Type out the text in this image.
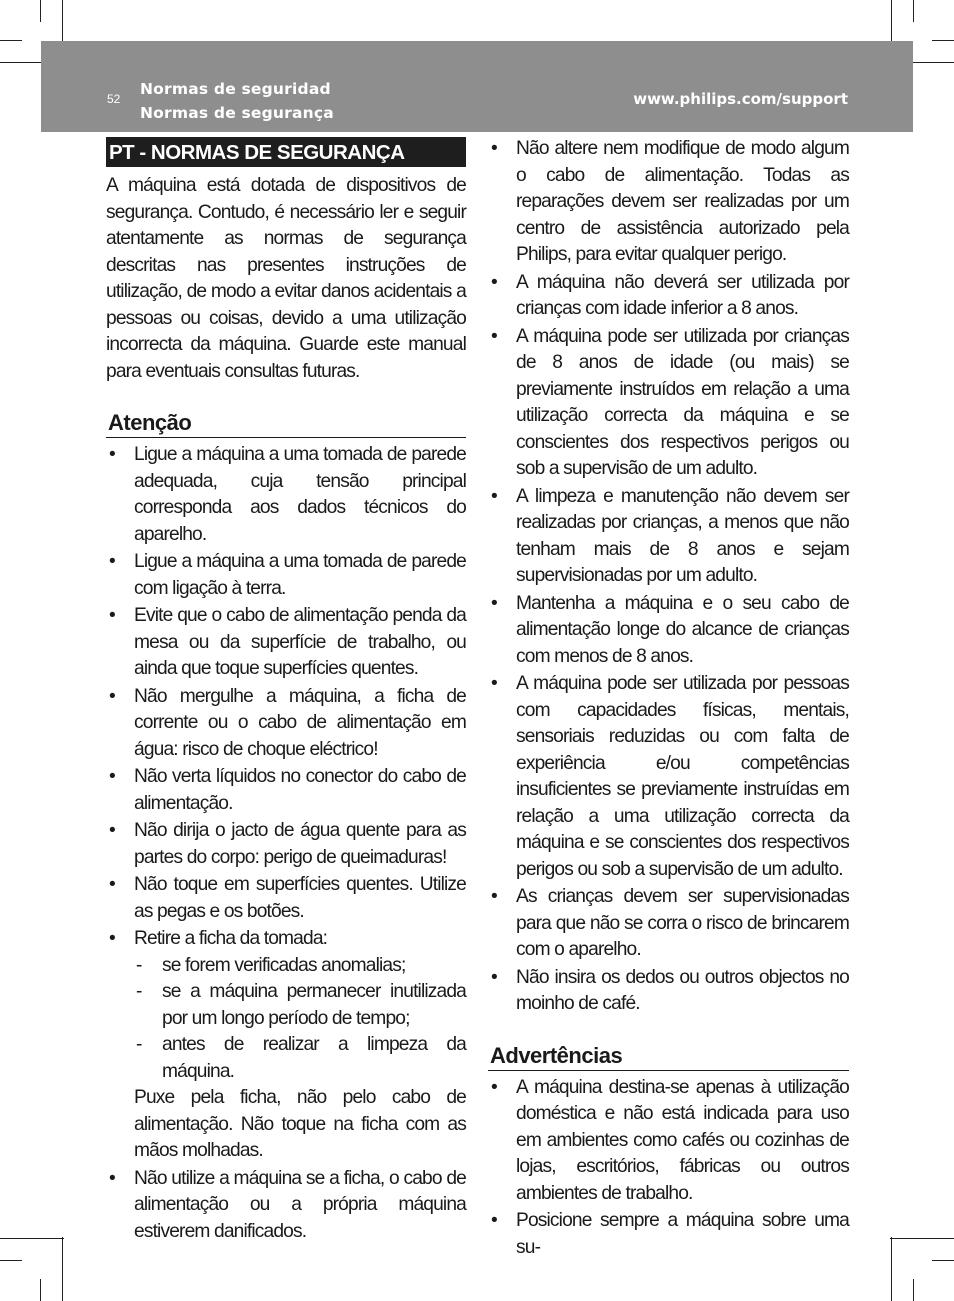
52
Normas de seguridad
Normas de segurança
www.philips.com/support
PT - NORMAS DE SEGURANÇA

A máquina está dotada de dispositivos de segurança. Contudo, é necessário ler e seguir atentamente as normas de segurança descritas nas presentes instruções de utilização, de modo a evitar danos acidentais a pessoas ou coisas, devido a uma utilização incorrecta da máquina. Guarde este manual para eventuais consultas futuras.

Atenção
• Ligue a máquina a uma tomada de parede adequada, cuja tensão principal corresponda aos dados técnicos do aparelho.
• Ligue a máquina a uma tomada de parede com ligação à terra.
• Evite que o cabo de alimentação penda da mesa ou da superfície de trabalho, ou ainda que toque superfícies quentes.
• Não mergulhe a máquina, a ficha de corrente ou o cabo de alimentação em água: risco de choque eléctrico!
• Não verta líquidos no conector do cabo de alimentação.
• Não dirija o jacto de água quente para as partes do corpo: perigo de queimaduras!
• Não toque em superfícies quentes. Utilize as pegas e os botões.
• Retire a ficha da tomada:
- se forem verificadas anomalias;
- se a máquina permanecer inutilizada por um longo período de tempo;
- antes de realizar a limpeza da máquina.
Puxe pela ficha, não pelo cabo de alimentação. Não toque na ficha com as mãos molhadas.
• Não utilize a máquina se a ficha, o cabo de alimentação ou a própria máquina estiverem danificados.
• Não altere nem modifique de modo algum o cabo de alimentação. Todas as reparações devem ser realizadas por um centro de assistência autorizado pela Philips, para evitar qualquer perigo.
• A máquina não deverá ser utilizada por crianças com idade inferior a 8 anos.
• A máquina pode ser utilizada por crianças de 8 anos de idade (ou mais) se previamente instruídos em relação a uma utilização correcta da máquina e se conscientes dos respectivos perigos ou sob a supervisão de um adulto.
• A limpeza e manutenção não devem ser realizadas por crianças, a menos que não tenham mais de 8 anos e sejam supervisionadas por um adulto.
• Mantenha a máquina e o seu cabo de alimentação longe do alcance de crianças com menos de 8 anos.
• A máquina pode ser utilizada por pessoas com capacidades físicas, mentais, sensoriais reduzidas ou com falta de experiência e/ou competências insuficientes se previamente instruídas em relação a uma utilização correcta da máquina e se conscientes dos respectivos perigos ou sob a supervisão de um adulto.
• As crianças devem ser supervisionadas para que não se corra o risco de brincarem com o aparelho.
• Não insira os dedos ou outros objectos no moinho de café.
Advertências
• A máquina destina-se apenas à utilização doméstica e não está indicada para uso em ambientes como cafés ou cozinhas de lojas, escritórios, fábricas ou outros ambientes de trabalho.
• Posicione sempre a máquina sobre uma su-
